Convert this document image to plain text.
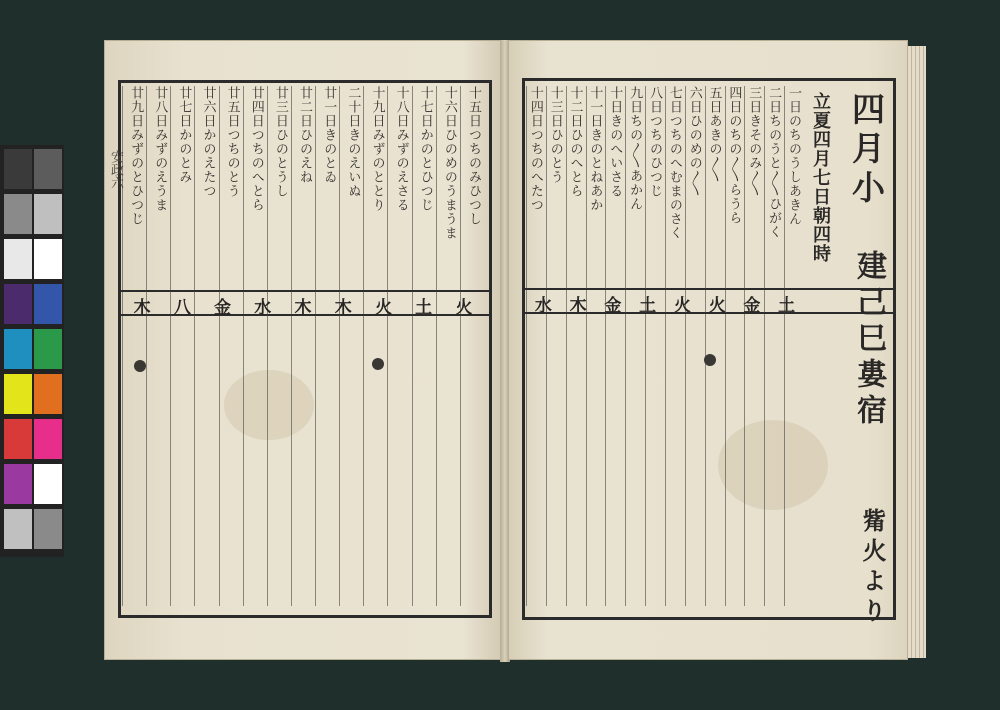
十五日つちのみひつし
十六日ひのめのうまうま
十七日かのとひつじ
十八日みずのえさる
十九日みずのととり
二十日きのえいぬ
廿一日きのとゐ
廿二日ひのえね
廿三日ひのとうし
廿四日つちのへとら
廿五日つちのとう
廿六日かのえたつ
廿七日かのとみ
廿八日みずのえうま
廿九日みずのとひつじ
火
土
火
木
木
水
金
八
木
安政六	一日のちのうしあきん
二日ちのうと〳〵ひがく
三日きそのみ〳〵
四日のちの〳〵らうら
五日あきの〳〵
六日ひのめの〳〵
七日つちのへむまのさく
八日つちのひつじ
九日ちの〳〵あかん
十日きのへいさる
十一日きのとねあか
十二日ひのへとら
十三日ひのとう
十四日つちのへたつ
土
金
火
火
土
金
木
水
四月小
建己巳婁宿
觜火より
立夏四月七日朝四時
